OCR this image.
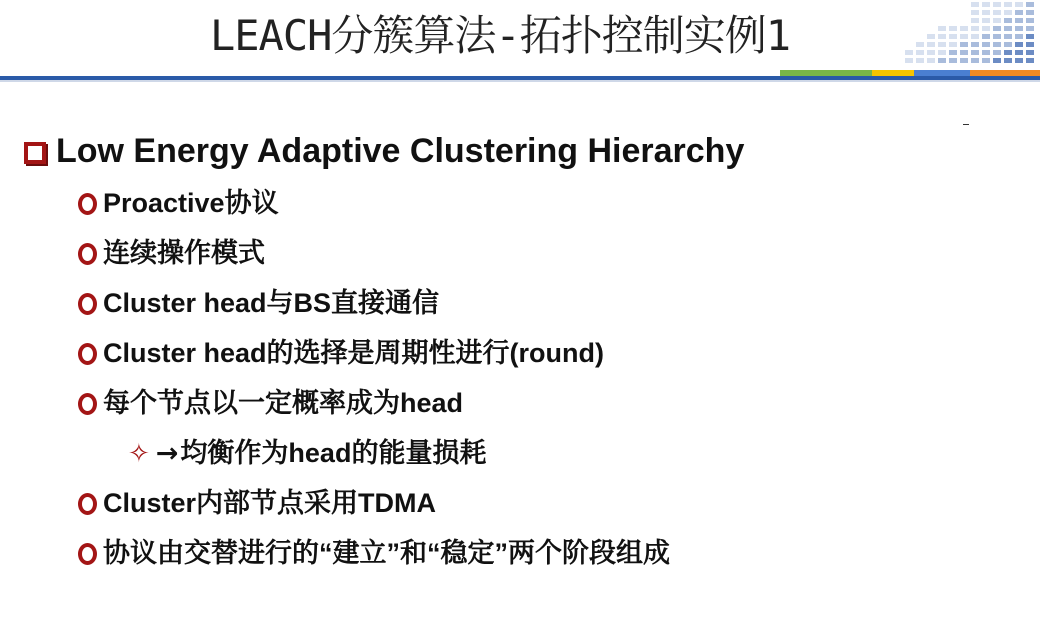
LEACH分簇算法-拓扑控制实例1
Low Energy Adaptive Clustering Hierarchy
Proactive协议
连续操作模式
Cluster head与BS直接通信
Cluster head的选择是周期性进行(round)
每个节点以一定概率成为head
✧ →均衡作为head的能量损耗
Cluster内部节点采用TDMA
协议由交替进行的“建立”和“稳定”两个阶段组成
